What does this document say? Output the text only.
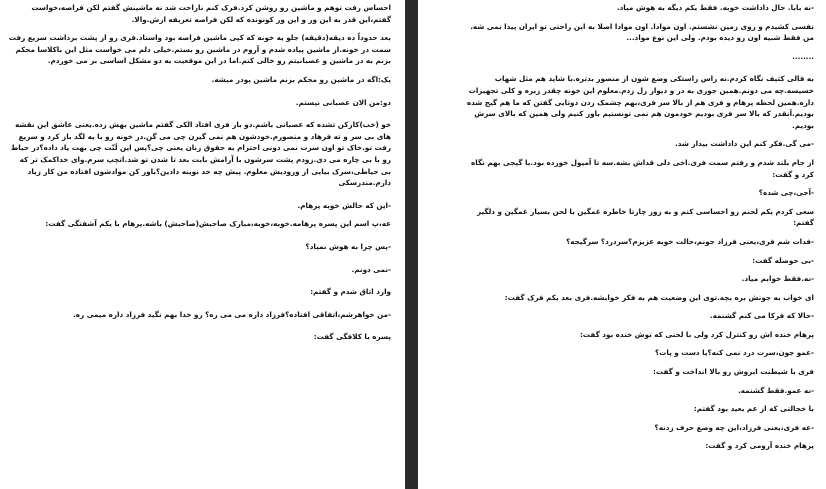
احساس رفت توهم و ماشین رو روشن کرد.فرک کنم ناراحت شد نه ماشینش گفتم لکن فراصه،خواست گفتم،این قدر به این ور و این ور کونونده که لکن فراصه تعریفه ازش.والا.

بعد حدوداً ده دیقه(دقیقه) جلو یه خونه که کپی ماشین فراصه بود واستاد.فری رو از پشت برداشت سریع رفت سمت در خونه.از ماشین پیاده شدم و آروم در ماشین رو بستم.خیلی دلم می خواست مثل این باکلاسا محکم بزنم به در ماشین و عصبانیتم رو خالی کنم.اما در این موقعیت به دو مشکل اساسی بر می خوردم.

یک:اگه در ماشین رو محکم بزنم ماشین پودر میشه.

دو:من الان عصبانی نیستم.

خو (خب)کارکن تشده که عصبانی باشم.دو بار فری افتاد الکی گفتم ماشین بهش زده.یعنی عاشق این نقشه های بی سر و ته فرهاد و منصورم.خودشون هم نمی گیرن چی می گن.در خونه رو با یه لگد باز کرد و سریع رفت تو.خاک تو اون سرت نمی دونی احترام به حقوق زنان یعنی چی؟پس این لَتّت چی بهت یاد داده؟در حیاط رو با بی چاره می دی.زودم پشت سرشون با آرامش بابت بعد تا شدن تو شد.اتچپ سرم.وای خداکمک تر که بی حیاطی،سرک بیایی از ورودیش معلوم. پیش چه حد نوینه دادین؟باور کن موادشون افتاده من کار زیاد دارم.مندرسکی

-این که حالش خوبه پرهام.

عه،پ اسم این پسره پرهامه.خوبه،خوبه،مبارک صاحبش(صاحبش) باشه.پرهام با یکم آشفتگی گفت:

-پس چرا به هوش نمیاد؟

-نمی دونم.

وارد اتاق شدم و گفتم:

-من خواهرشم،اتفاقی افتاده؟فرزاد داره می می ره؟ رو خدا بهم نگید فرزاد داره میمی ره.

پسره با کلافگی گفت:

-نه بابا. حال داداشت خوبه. فقط یکم دیگه به هوش میاد.

نفسی کشیدم و روی زمین نشستم. اون موادا. اون موادا اصلا به این راحتی تو ایران پیدا نمی شه. من فقط شبیه اون رو دیده بودم. ولی این نوع مواد...

........

به قالی کثیف نگاه کردم.نه راس راستکی وضع شون از منصور بدتره.با شاید هم مثل شهاب خسیسه.چه می دونم.همین جوری به در و دیوار زل زدم.معلوم این خونه چقدر زیره و کلی تجهیزات داره.همین لحظه پرهام و فری هم از بالا سر فری،بهم چشمک زدن دوتایی گفتن که ما هم گیج شده بودیم.آنقدر که بالا سر فری بودیم خودمون هم نمی تونستیم باور کنیم ولی همین که بالای سرش بودیم.

-می گی.فکر کنم این داداشت بیدار شد.

از جام بلند شدم و رفتم سمت فری.اخی دلی قداش بشه.سه تا آمپول خورده بود.با گیجی بهم نگاه کرد و گفت:

-آجی،چی شده؟

سعی کردم یکم لحنم رو احساسی کنم و به زور چارتا خاطره غمگین با لحن بسیار غمگین و دلگیر گفتم:

-فدات شم فری،یعنی فرزاد جونم،حالت خوبه عزیزم؟سردرد؟ سرگیجه؟

-بی حوصله گفت:

-نه.فقط خوابم میاد.

ای خواب به جونش بره بچه.توی این وضعیت هم به فکر خوابشه.فری بعد یکم فرک گفت:

-حالا که فرکا می کنم گشنمه.

پرهام خنده اش رو کنترل کرد ولی با لحنی که توش خنده بود گفت:

-عمو جون،سرت درد نمی کنه؟یا دست و پات؟

فری با شیطنت ابروش رو بالا انداخت و گفت:

-نه عمو.فقط گشنمه.

با خجالتی که از عم بعید بود گفتم:

-عه فری،یعنی فرزاد،این چه وضع حرف زدنه؟

پرهام خنده آرومی کرد و گفت:
